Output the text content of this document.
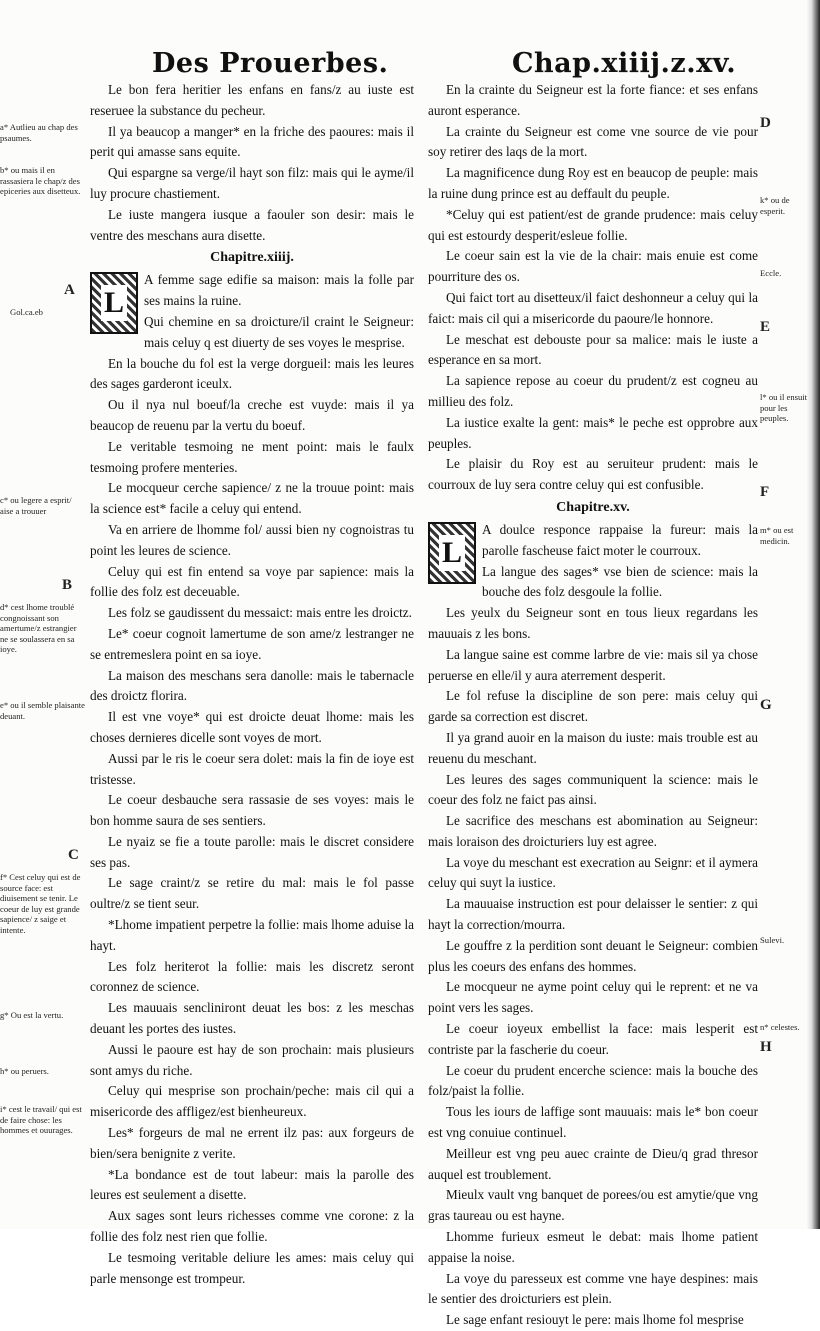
Des Prouerbes.	Chap.xiiij.z.xv.

Le bon fera heritier les enfans en fans/z au iuste est reseruee la substance du pecheur.

Il ya beaucop a manger* en la friche des paoures: mais il perit qui amasse sans equite.

Qui espargne sa verge/il hayt son filz: mais qui le ayme/il luy procure chastiement.

Le iuste mangera iusque a faouler son desir: mais le ventre des meschans aura disette.

Chapitre.xiiij.
L

A femme sage edifie sa maison: mais la folle par ses mains la ruine.

Qui chemine en sa droicture/il craint le Seigneur: mais celuy q est diuerty de ses voyes le mesprise.

En la bouche du fol est la verge dorgueil: mais les leures des sages garderont iceulx.

Ou il nya nul boeuf/la creche est vuyde: mais il ya beaucop de reuenu par la vertu du boeuf.

Le veritable tesmoing ne ment point: mais le faulx tesmoing profere menteries.

Le mocqueur cerche sapience/ z ne la trouue point: mais la science est* facile a celuy qui entend.

Va en arriere de lhomme fol/ aussi bien ny cognoistras tu point les leures de science.

Celuy qui est fin entend sa voye par sapience: mais la follie des folz est deceuable.

Les folz se gaudissent du messaict: mais entre les droictz.

Le* coeur cognoit lamertume de son ame/z lestranger ne se entremeslera point en sa ioye.

La maison des meschans sera danolle: mais le tabernacle des droictz florira.

Il est vne voye* qui est droicte deuat lhome: mais les choses dernieres dicelle sont voyes de mort.

Aussi par le ris le coeur sera dolet: mais la fin de ioye est tristesse.

Le coeur desbauche sera rassasie de ses voyes: mais le bon homme saura de ses sentiers.

Le nyaiz se fie a toute parolle: mais le discret considere ses pas.

Le sage craint/z se retire du mal: mais le fol passe oultre/z se tient seur.

*Lhome impatient perpetre la follie: mais lhome aduise la hayt.

Les folz heriterot la follie: mais les discretz seront coronnez de science.

Les mauuais sencliniront deuat les bos: z les meschas deuant les portes des iustes.

Aussi le paoure est hay de son prochain: mais plusieurs sont amys du riche.

Celuy qui mesprise son prochain/peche: mais cil qui a misericorde des affligez/est bienheureux.

Les* forgeurs de mal ne errent ilz pas: aux forgeurs de bien/sera benignite z verite.

*La bondance est de tout labeur: mais la parolle des leures est seulement a disette.

Aux sages sont leurs richesses comme vne corone: z la follie des folz nest rien que follie.

Le tesmoing veritable deliure les ames: mais celuy qui parle mensonge est trompeur.

En la crainte du Seigneur est la forte fiance: et ses enfans auront esperance.

La crainte du Seigneur est come vne source de vie pour soy retirer des laqs de la mort.

La magnificence dung Roy est en beaucop de peuple: mais la ruine dung prince est au deffault du peuple.

*Celuy qui est patient/est de grande prudence: mais celuy qui est estourdy desperit/esleue follie.

Le coeur sain est la vie de la chair: mais enuie est come pourriture des os.

Qui faict tort au disetteux/il faict deshonneur a celuy qui la faict: mais cil qui a misericorde du paoure/le honnore.

Le meschat est debouste pour sa malice: mais le iuste a esperance en sa mort.

La sapience repose au coeur du prudent/z est cogneu au millieu des folz.

La iustice exalte la gent: mais* le peche est opprobre aux peuples.

Le plaisir du Roy est au seruiteur prudent: mais le courroux de luy sera contre celuy qui est confusible.

Chapitre.xv.
L

A doulce responce rappaise la fureur: mais la parolle fascheuse faict moter le courroux.

La langue des sages* vse bien de science: mais la bouche des folz desgoule la follie.

Les yeulx du Seigneur sont en tous lieux regardans les mauuais z les bons.

La langue saine est comme larbre de vie: mais sil ya chose peruerse en elle/il y aura aterrement desperit.

Le fol refuse la discipline de son pere: mais celuy qui garde sa correction est discret.

Il ya grand auoir en la maison du iuste: mais trouble est au reuenu du meschant.

Les leures des sages communiquent la science: mais le coeur des folz ne faict pas ainsi.

Le sacrifice des meschans est abomination au Seigneur: mais loraison des droicturiers luy est agree.

La voye du meschant est execration au Seignr: et il aymera celuy qui suyt la iustice.

La mauuaise instruction est pour delaisser le sentier: z qui hayt la correction/mourra.

Le gouffre z la perdition sont deuant le Seigneur: combien plus les coeurs des enfans des hommes.

Le mocqueur ne ayme point celuy qui le reprent: et ne va point vers les sages.

Le coeur ioyeux embellist la face: mais lesperit est contriste par la fascherie du coeur.

Le coeur du prudent encerche science: mais la bouche des folz/paist la follie.

Tous les iours de laffige sont mauuais: mais le* bon coeur est vng conuiue continuel.

Meilleur est vng peu auec crainte de Dieu/q grad thresor auquel est troublement.

Mieulx vault vng banquet de porees/ou est amytie/que vng gras taureau ou est hayne.

Lhomme furieux esmeut le debat: mais lhome patient appaise la noise.

La voye du paresseux est comme vne haye despines: mais le sentier des droicturiers est plein.

Le sage enfant resiouyt le pere: mais lhome fol mesprise

a* Autlieu au chap des psaumes.
b* ou mais il en rassasiera le chap/z des epiceries aux disetteux.
A
Gol.ca.eb
c* ou legere a esprit/ aise a trouuer
B
d* cest lhome troublé congnoissant son amertume/z estrangier ne se soulassera en sa ioye.
e* ou il semble plaisante deuant.
C
f* Cest celuy qui est de source face: est diuisement se tenir. Le coeur de luy est grande sapience/ z saige et intente.
g* Ou est la vertu.
h* ou peruers.
i* cest le travail/ qui est de faire chose: les hommes et ouurages.
D
k* ou de esperit.
Eccle.
E
l* ou il ensuit pour les peuples.
F
m* ou est medicin.
G
Sulevi.
n* celestes.
H
